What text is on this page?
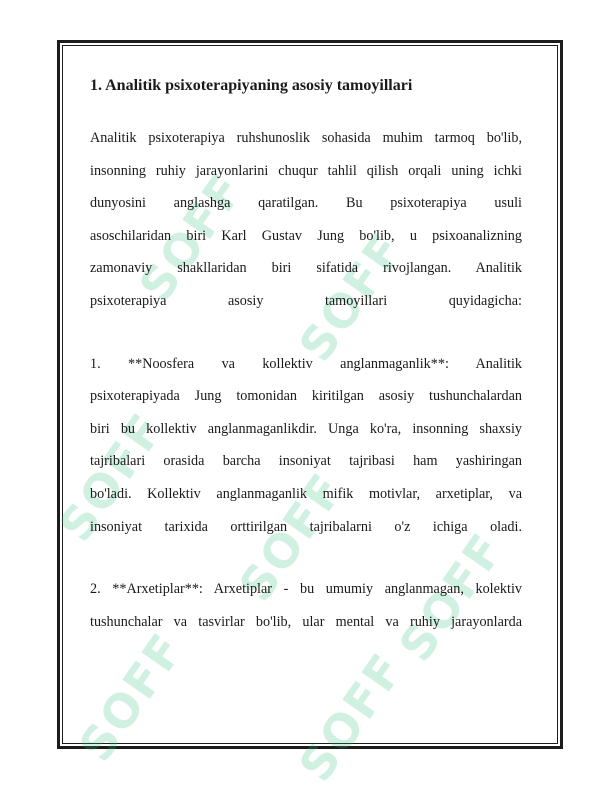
SOFF SOFF
SOFF SOFF SOFF
SOFF SOFF
1. Analitik psixoterapiyaning asosiy tamoyillari

Analitik psixoterapiya ruhshunoslik sohasida muhim tarmoq bo'lib,

insonning ruhiy jarayonlarini chuqur tahlil qilish orqali uning ichki

dunyosini anglashga qaratilgan. Bu psixoterapiya usuli

asoschilaridan biri Karl Gustav Jung bo'lib, u psixoanalizning

zamonaviy shakllaridan biri sifatida rivojlangan. Analitik

psixoterapiya asosiy tamoyillari quyidagicha:

1. **Noosfera va kollektiv anglanmaganlik**: Analitik

psixoterapiyada Jung tomonidan kiritilgan asosiy tushunchalardan

biri bu kollektiv anglanmaganlikdir. Unga ko'ra, insonning shaxsiy

tajribalari orasida barcha insoniyat tajribasi ham yashiringan

bo'ladi. Kollektiv anglanmaganlik mifik motivlar, arxetiplar, va

insoniyat tarixida orttirilgan tajribalarni o'z ichiga oladi.

2. **Arxetiplar**: Arxetiplar - bu umumiy anglanmagan, kolektiv

tushunchalar va tasvirlar bo'lib, ular mental va ruhiy jarayonlarda
